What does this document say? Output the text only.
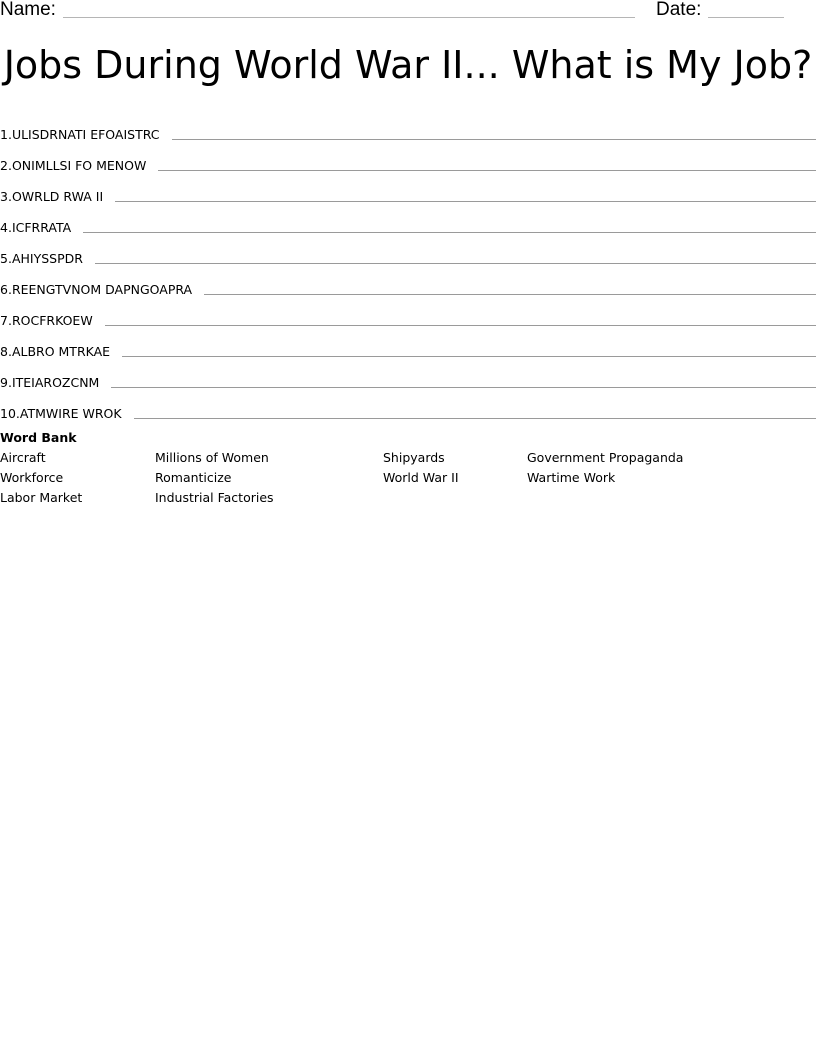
Name:	Date:
Jobs During World War II... What is My Job?
1. ULISDRNATI EFOAISTRC
2. ONIMLLSI FO MENOW
3. OWRLD RWA II
4. ICFRRATA
5. AHIYSSPDR
6. REENGTVNOM DAPNGOAPRA
7. ROCFRKOEW
8. ALBRO MTRKAE
9. ITEIAROZCNM
10. ATMWIRE WROK
Word Bank
Aircraft	Millions of Women	Shipyards	Government Propaganda
Workforce	Romanticize	World War II	Wartime Work
Labor Market	Industrial Factories
